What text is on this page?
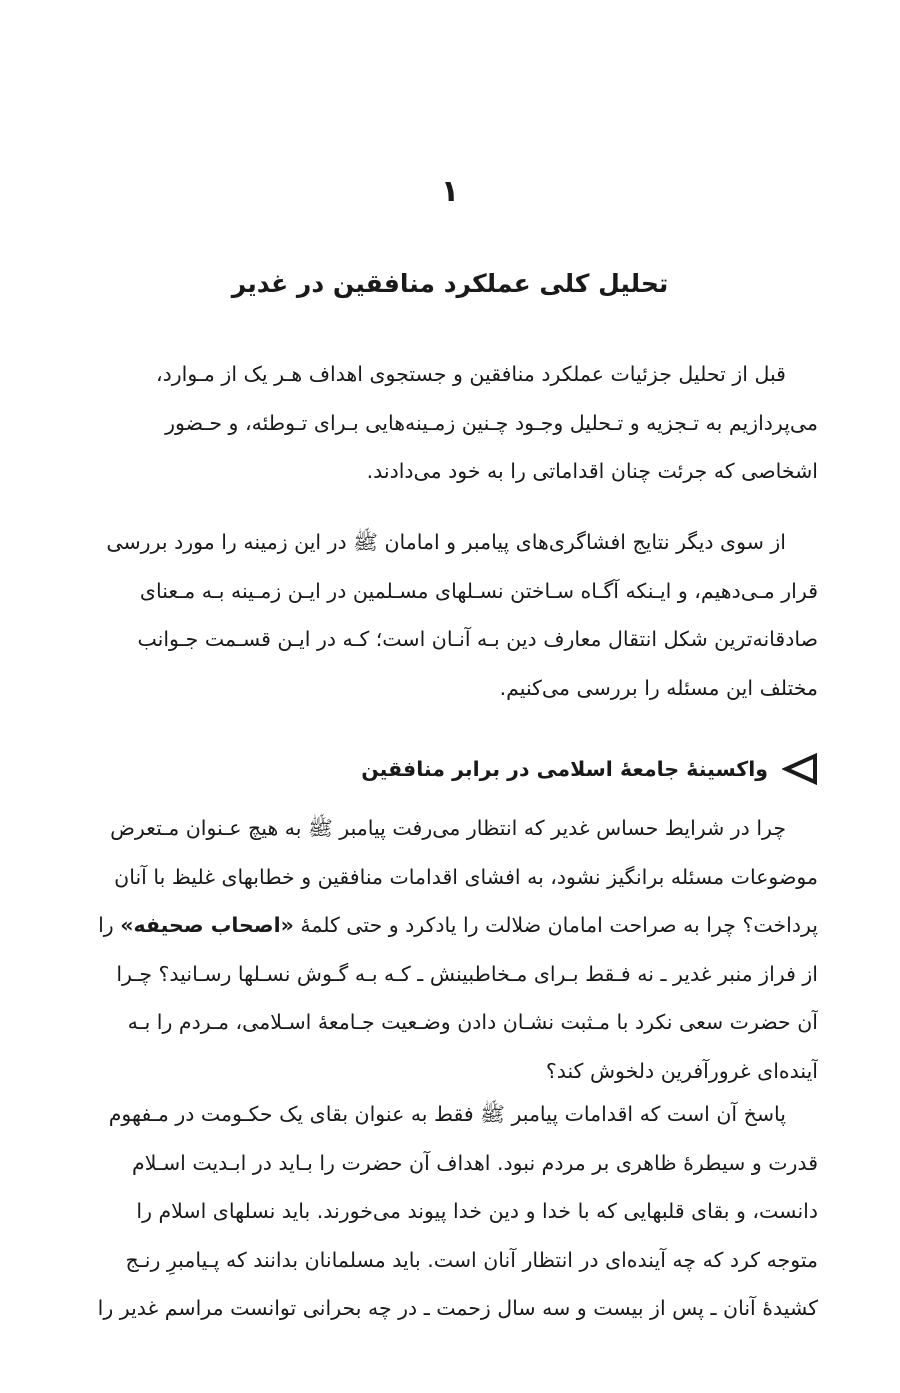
١
تحلیل کلی عملکرد منافقین در غدیر

قبل از تحلیل جزئیات عملکرد منافقین و جستجوی اهداف هـر یک از مـوارد،
می‌پردازیم به تـجزیه و تـحلیل وجـود چـنین زمـینه‌هایی بـرای تـوطئه، و حـضور
اشخاصی که جرئت چنان اقداماتی را به خود می‌دادند.

از سوی دیگر نتایج افشاگری‌های پیامبر و امامان ﷺ در این زمینه را مورد بررسی
قرار مـی‌دهیم، و ایـنکه آگـاه سـاختن نسـلهای مسـلمین در ایـن زمـینه بـه مـعنای
صادقانه‌ترین شکل انتقال معارف دین بـه آنـان است؛ کـه در ایـن قسـمت جـوانب
مختلف این مسئله را بررسی می‌کنیم.

واکسینهٔ جامعهٔ اسلامی در برابر منافقین

چرا در شرایط حساس غدیر که انتظار می‌رفت پیامبر ﷺ به هیچ عـنوان مـتعرض
موضوعات مسئله برانگیز نشود، به افشای اقدامات منافقین و خطابهای غلیظ با آنان
پرداخت؟ چرا به صراحت امامان ضلالت را یادکرد و حتی کلمهٔ «اصحاب صحیفه» را
از فراز منبر غدیر ـ نه فـقط بـرای مـخاطبینش ـ کـه بـه گـوش نسـلها رسـانید؟ چـرا
آن حضرت سعی نکرد با مـثبت نشـان دادن وضـعیت جـامعهٔ اسـلامی، مـردم را بـه
آینده‌ای غرورآفرین دلخوش کند؟

پاسخ آن است که اقدامات پیامبر ﷺ فقط به عنوان بقای یک حکـومت در مـفهوم
قدرت و سیطرهٔ ظاهری بر مردم نبود. اهداف آن حضرت را بـاید در ابـدیت اسـلام
دانست، و بقای قلبهایی که با خدا و دین خدا پیوند می‌خورند. باید نسلهای اسلام را
متوجه کرد که چه آینده‌ای در انتظار آنان است. باید مسلمانان بدانند که پـیامبرِ رنـج
کشیدهٔ آنان ـ پس از بیست و سه سال زحمت ـ در چه بحرانی توانست مراسم غدیر را
